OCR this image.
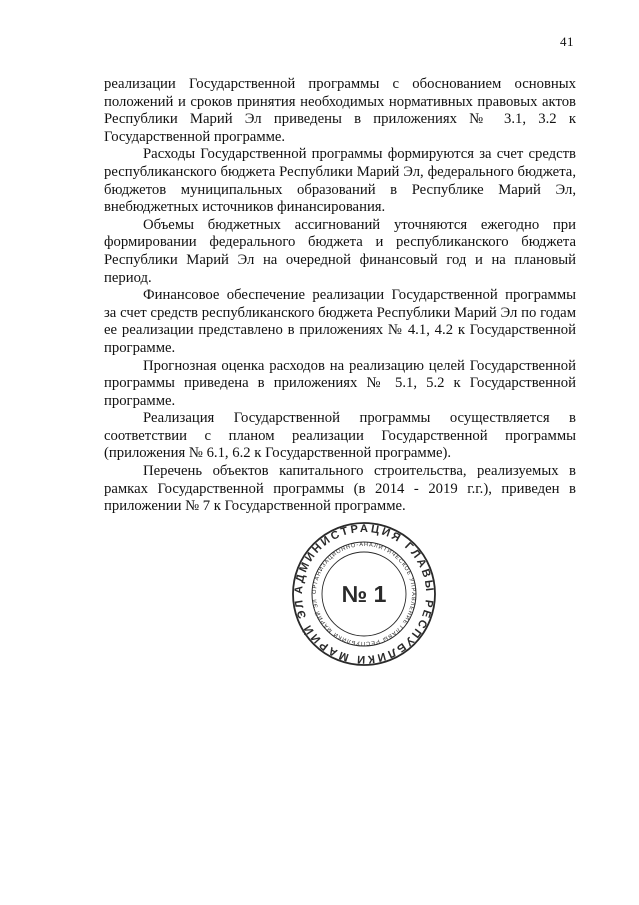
41

реализации Государственной программы с обоснованием основных положений и сроков принятия необходимых нормативных правовых актов Республики Марий Эл приведены в приложениях № 3.1, 3.2 к Государственной программе.

Расходы Государственной программы формируются за счет средств республиканского бюджета Республики Марий Эл, федерального бюджета, бюджетов муниципальных образований в Республике Марий Эл, внебюджетных источников финансирования.

Объемы бюджетных ассигнований уточняются ежегодно при формировании федерального бюджета и республиканского бюджета Республики Марий Эл на очередной финансовый год и на плановый период.

Финансовое обеспечение реализации Государственной программы за счет средств республиканского бюджета Республики Марий Эл по годам ее реализации представлено в приложениях № 4.1, 4.2 к Государственной программе.

Прогнозная оценка расходов на реализацию целей Государственной программы приведена в приложениях № 5.1, 5.2 к Государственной программе.

Реализация Государственной программы осуществляется в соответствии с планом реализации Государственной программы (приложения № 6.1, 6.2 к Государственной программе).

Перечень объектов капитального строительства, реализуемых в рамках Государственной программы (в 2014 - 2019 г.г.), приведен в приложении № 7 к Государственной программе.

АДМИНИСТРАЦИЯ ГЛАВЫ РЕСПУБЛИКИ МАРИЙ ЭЛ
ОРГАНИЗАЦИОННО-АНАЛИТИЧЕСКОЕ УПРАВЛЕНИЕ ГЛАВЫ РЕСПУБЛИКИ МАРИЙ ЭЛ № 1
